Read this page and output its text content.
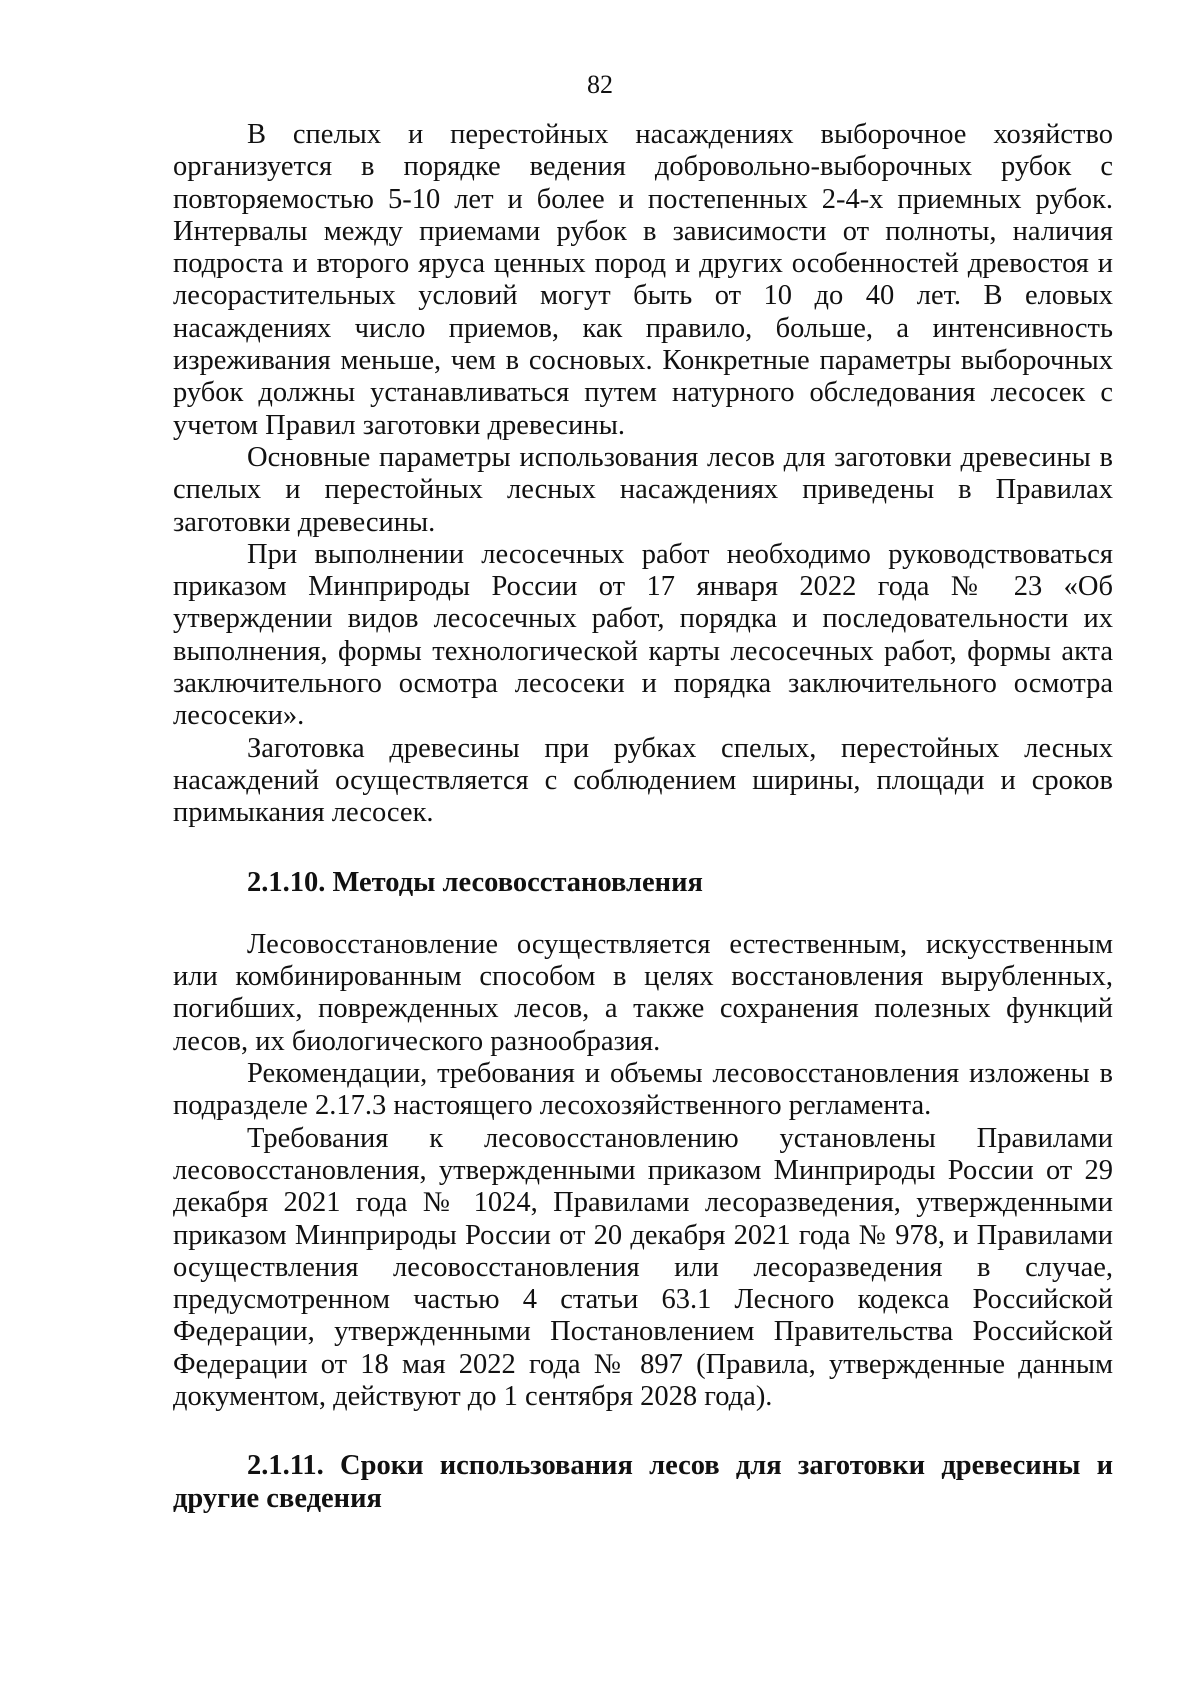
82

В спелых и перестойных насаждениях выборочное хозяйство организуется в порядке ведения добровольно-выборочных рубок с повторяемостью 5-10 лет и более и постепенных 2-4-х приемных рубок. Интервалы между приемами рубок в зависимости от полноты, наличия подроста и второго яруса ценных пород и других особенностей древостоя и лесорастительных условий могут быть от 10 до 40 лет. В еловых насаждениях число приемов, как правило, больше, а интенсивность изреживания меньше, чем в сосновых. Конкретные параметры выборочных рубок должны устанавливаться путем натурного обследования лесосек с учетом Правил заготовки древесины.

Основные параметры использования лесов для заготовки древесины в спелых и перестойных лесных насаждениях приведены в Правилах заготовки древесины.

При выполнении лесосечных работ необходимо руководствоваться приказом Минприроды России от 17 января 2022 года № 23 «Об утверждении видов лесосечных работ, порядка и последовательности их выполнения, формы технологической карты лесосечных работ, формы акта заключительного осмотра лесосеки и порядка заключительного осмотра лесосеки».

Заготовка древесины при рубках спелых, перестойных лесных насаждений осуществляется с соблюдением ширины, площади и сроков примыкания лесосек.

2.1.10. Методы лесовосстановления

Лесовосстановление осуществляется естественным, искусственным или комбинированным способом в целях восстановления вырубленных, погибших, поврежденных лесов, а также сохранения полезных функций лесов, их биологического разнообразия.

Рекомендации, требования и объемы лесовосстановления изложены в подразделе 2.17.3 настоящего лесохозяйственного регламента.

Требования к лесовосстановлению установлены Правилами лесовосстановления, утвержденными приказом Минприроды России от 29 декабря 2021 года № 1024, Правилами лесоразведения, утвержденными приказом Минприроды России от 20 декабря 2021 года № 978, и Правилами осуществления лесовосстановления или лесоразведения в случае, предусмотренном частью 4 статьи 63.1 Лесного кодекса Российской Федерации, утвержденными Постановлением Правительства Российской Федерации от 18 мая 2022 года № 897 (Правила, утвержденные данным документом, действуют до 1 сентября 2028 года).

2.1.11. Сроки использования лесов для заготовки древесины и другие сведения
